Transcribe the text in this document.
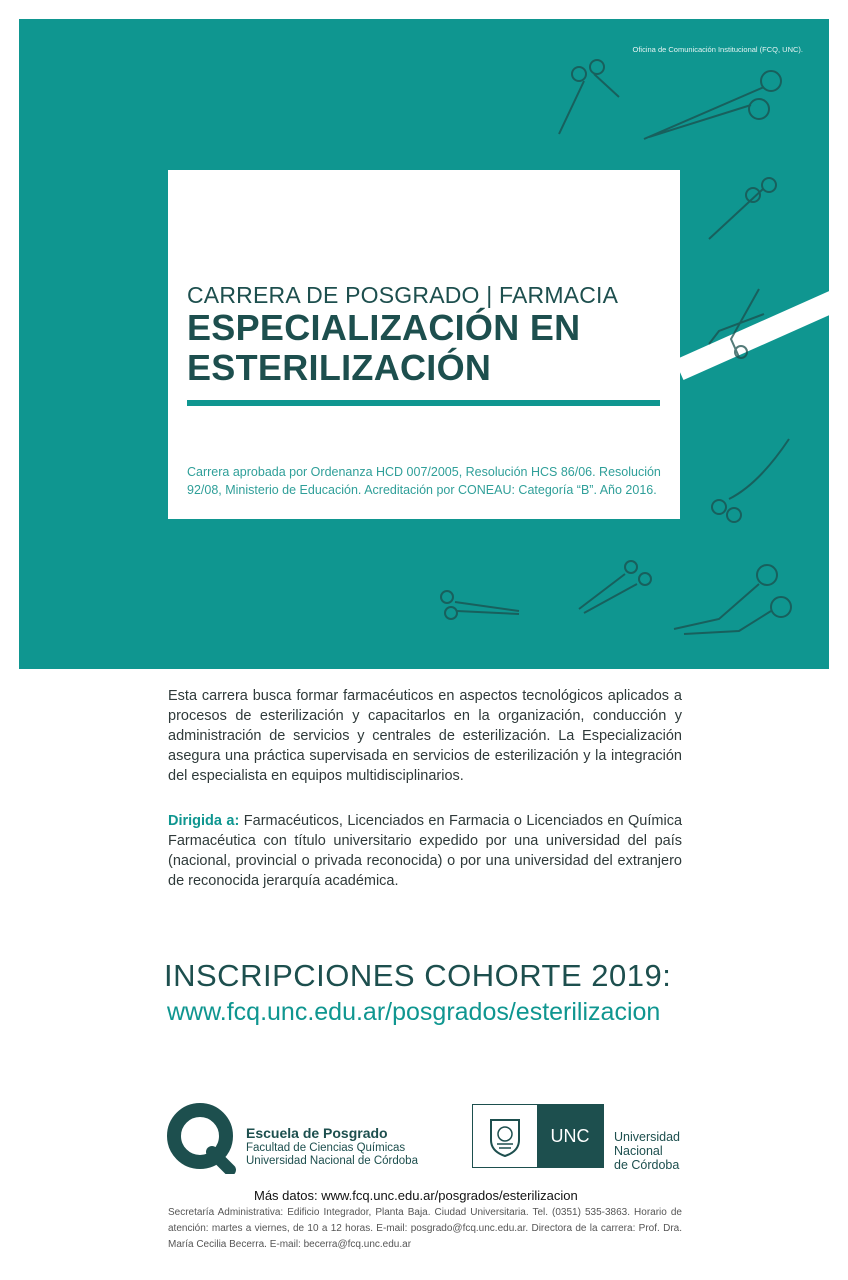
Oficina de Comunicación Institucional (FCQ, UNC).
CARRERA DE POSGRADO | FARMACIA
ESPECIALIZACIÓN EN
ESTERILIZACIÓN
Carrera aprobada por Ordenanza HCD 007/2005, Resolución HCS 86/06. Resolución 92/08, Ministerio de Educación. Acreditación por CONEAU: Categoría “B”. Año 2016.

Esta carrera busca formar farmacéuticos en aspectos tecnológicos aplicados a procesos de esterilización y capacitarlos en la organización, conducción y administración de servicios y centrales de esterilización. La Especialización asegura una práctica supervisada en servicios de esterilización y la integración del especialista en equipos multidisciplinarios.

Dirigida a: Farmacéuticos, Licenciados en Farmacia o Licenciados en Química Farmacéutica con título universitario expedido por una universidad del país (nacional, provincial o privada reconocida) o por una universidad del extranjero de reconocida jerarquía académica.

INSCRIPCIONES COHORTE 2019:
www.fcq.unc.edu.ar/posgrados/esterilizacion
Escuela de Posgrado
Facultad de Ciencias Químicas
Universidad Nacional de Córdoba
UNC	Universidad
Nacional
de Córdoba
Más datos: www.fcq.unc.edu.ar/posgrados/esterilizacion

Secretaría Administrativa: Edificio Integrador, Planta Baja. Ciudad Universitaria. Tel. (0351) 535-3863. Horario de atención: martes a viernes, de 10 a 12 horas. E-mail: posgrado@fcq.unc.edu.ar. Directora de la carrera: Prof. Dra. María Cecilia Becerra. E-mail: becerra@fcq.unc.edu.ar
